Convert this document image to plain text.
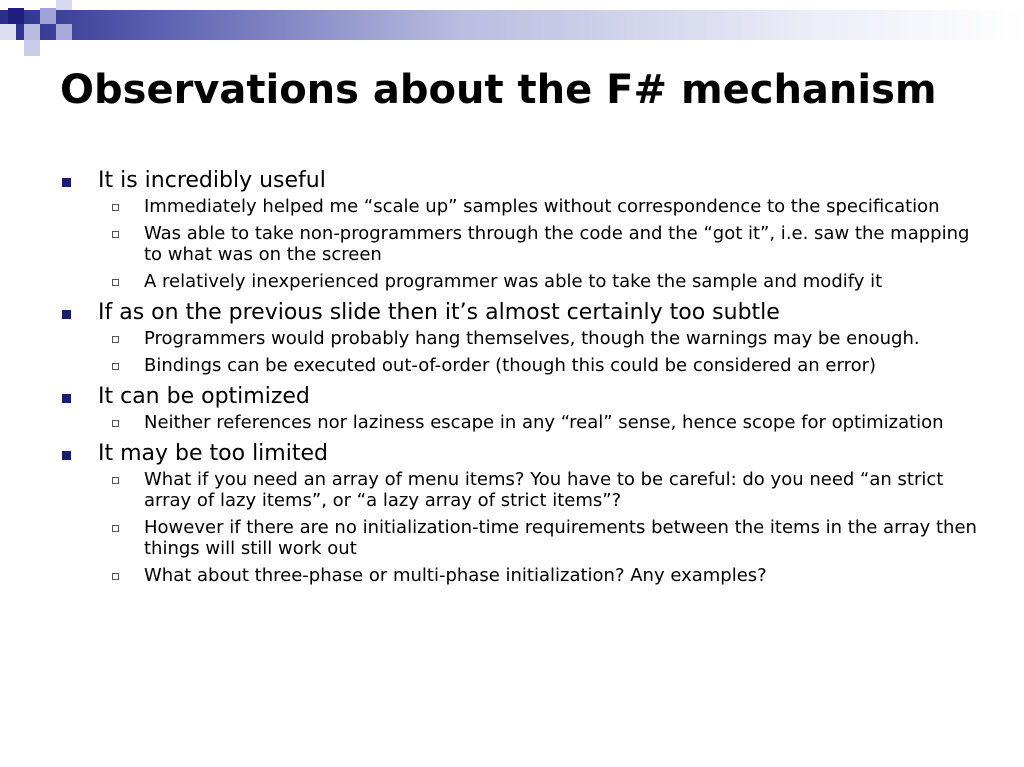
Observations about the F# mechanism
It is incredibly useful
Immediately helped me “scale up” samples without correspondence to the specification
Was able to take non-programmers through the code and the “got it”, i.e. saw the mapping to what was on the screen
A relatively inexperienced programmer was able to take the sample and modify it
If as on the previous slide then it’s almost certainly too subtle
Programmers would probably hang themselves, though the warnings may be enough.
Bindings can be executed out-of-order (though this could be considered an error)
It can be optimized
Neither references nor laziness escape in any “real” sense, hence scope for optimization
It may be too limited
What if you need an array of menu items? You have to be careful: do you need “an strict array of lazy items”, or “a lazy array of strict items”?
However if there are no initialization-time requirements between the items in the array then things will still work out
What about three-phase or multi-phase initialization? Any examples?
